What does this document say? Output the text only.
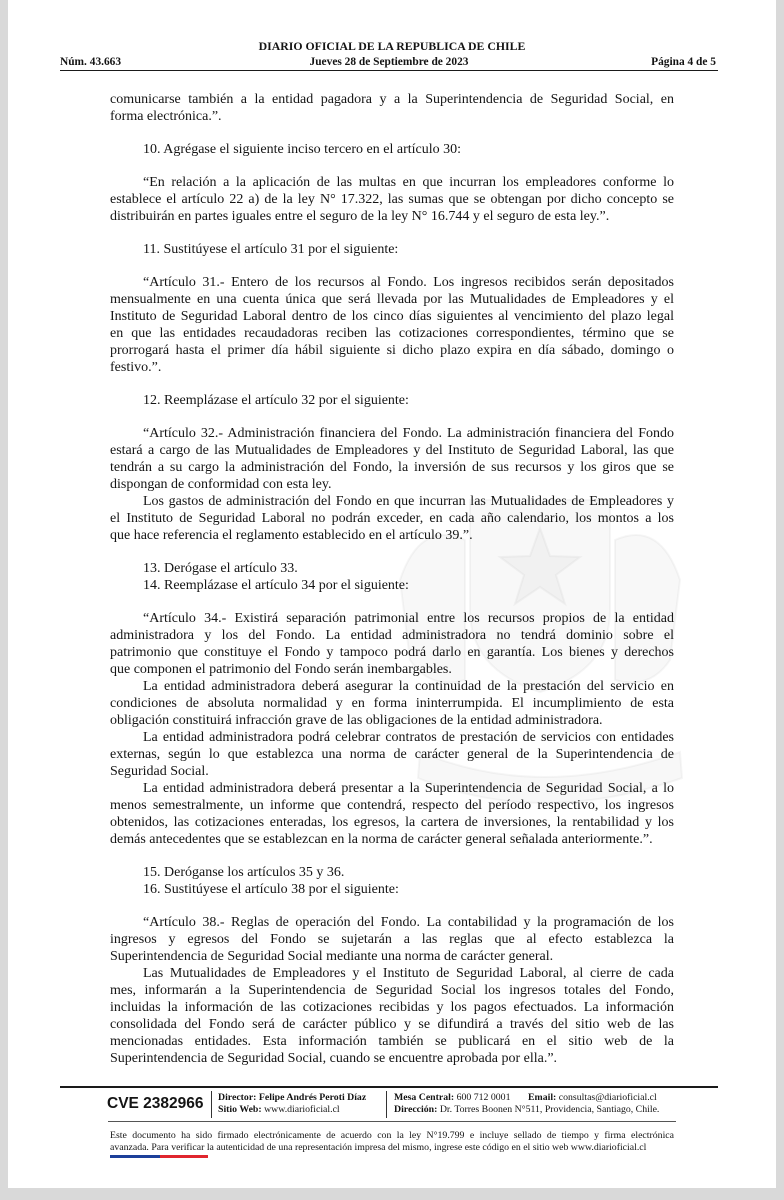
DIARIO OFICIAL DE LA REPUBLICA DE CHILE
Núm. 43.663	Jueves 28 de Septiembre de 2023	Página 4 de 5
comunicarse también a la entidad pagadora y a la Superintendencia de Seguridad Social, en
forma electrónica.”.
10. Agrégase el siguiente inciso tercero en el artículo 30:
“En relación a la aplicación de las multas en que incurran los empleadores conforme lo
establece el artículo 22 a) de la ley N° 17.322, las sumas que se obtengan por dicho concepto se
distribuirán en partes iguales entre el seguro de la ley N° 16.744 y el seguro de esta ley.”.
11. Sustitúyese el artículo 31 por el siguiente:
“Artículo 31.- Entero de los recursos al Fondo. Los ingresos recibidos serán depositados
mensualmente en una cuenta única que será llevada por las Mutualidades de Empleadores y el
Instituto de Seguridad Laboral dentro de los cinco días siguientes al vencimiento del plazo legal
en que las entidades recaudadoras reciben las cotizaciones correspondientes, término que se
prorrogará hasta el primer día hábil siguiente si dicho plazo expira en día sábado, domingo o
festivo.”.
12. Reemplázase el artículo 32 por el siguiente:
“Artículo 32.- Administración financiera del Fondo. La administración financiera del Fondo
estará a cargo de las Mutualidades de Empleadores y del Instituto de Seguridad Laboral, las que
tendrán a su cargo la administración del Fondo, la inversión de sus recursos y los giros que se
dispongan de conformidad con esta ley.
Los gastos de administración del Fondo en que incurran las Mutualidades de Empleadores y
el Instituto de Seguridad Laboral no podrán exceder, en cada año calendario, los montos a los
que hace referencia el reglamento establecido en el artículo 39.”.
13. Derógase el artículo 33.
14. Reemplázase el artículo 34 por el siguiente:
“Artículo 34.- Existirá separación patrimonial entre los recursos propios de la entidad
administradora y los del Fondo. La entidad administradora no tendrá dominio sobre el
patrimonio que constituye el Fondo y tampoco podrá darlo en garantía. Los bienes y derechos
que componen el patrimonio del Fondo serán inembargables.
La entidad administradora deberá asegurar la continuidad de la prestación del servicio en
condiciones de absoluta normalidad y en forma ininterrumpida. El incumplimiento de esta
obligación constituirá infracción grave de las obligaciones de la entidad administradora.
La entidad administradora podrá celebrar contratos de prestación de servicios con entidades
externas, según lo que establezca una norma de carácter general de la Superintendencia de
Seguridad Social.
La entidad administradora deberá presentar a la Superintendencia de Seguridad Social, a lo
menos semestralmente, un informe que contendrá, respecto del período respectivo, los ingresos
obtenidos, las cotizaciones enteradas, los egresos, la cartera de inversiones, la rentabilidad y los
demás antecedentes que se establezcan en la norma de carácter general señalada anteriormente.”.
15. Deróganse los artículos 35 y 36.
16. Sustitúyese el artículo 38 por el siguiente:
“Artículo 38.- Reglas de operación del Fondo. La contabilidad y la programación de los
ingresos y egresos del Fondo se sujetarán a las reglas que al efecto establezca la
Superintendencia de Seguridad Social mediante una norma de carácter general.
Las Mutualidades de Empleadores y el Instituto de Seguridad Laboral, al cierre de cada
mes, informarán a la Superintendencia de Seguridad Social los ingresos totales del Fondo,
incluidas la información de las cotizaciones recibidas y los pagos efectuados. La información
consolidada del Fondo será de carácter público y se difundirá a través del sitio web de las
mencionadas entidades. Esta información también se publicará en el sitio web de la
Superintendencia de Seguridad Social, cuando se encuentre aprobada por ella.”.
CVE 2382966 Director: Felipe Andrés Peroti Díaz
Sitio Web: www.diarioficial.cl
Mesa Central: 600 712 0001 Email: consultas@diarioficial.cl
Dirección: Dr. Torres Boonen N°511, Providencia, Santiago, Chile.
Este documento ha sido firmado electrónicamente de acuerdo con la ley N°19.799 e incluye sellado de tiempo y firma electrónica
avanzada. Para verificar la autenticidad de una representación impresa del mismo, ingrese este código en el sitio web www.diarioficial.cl
